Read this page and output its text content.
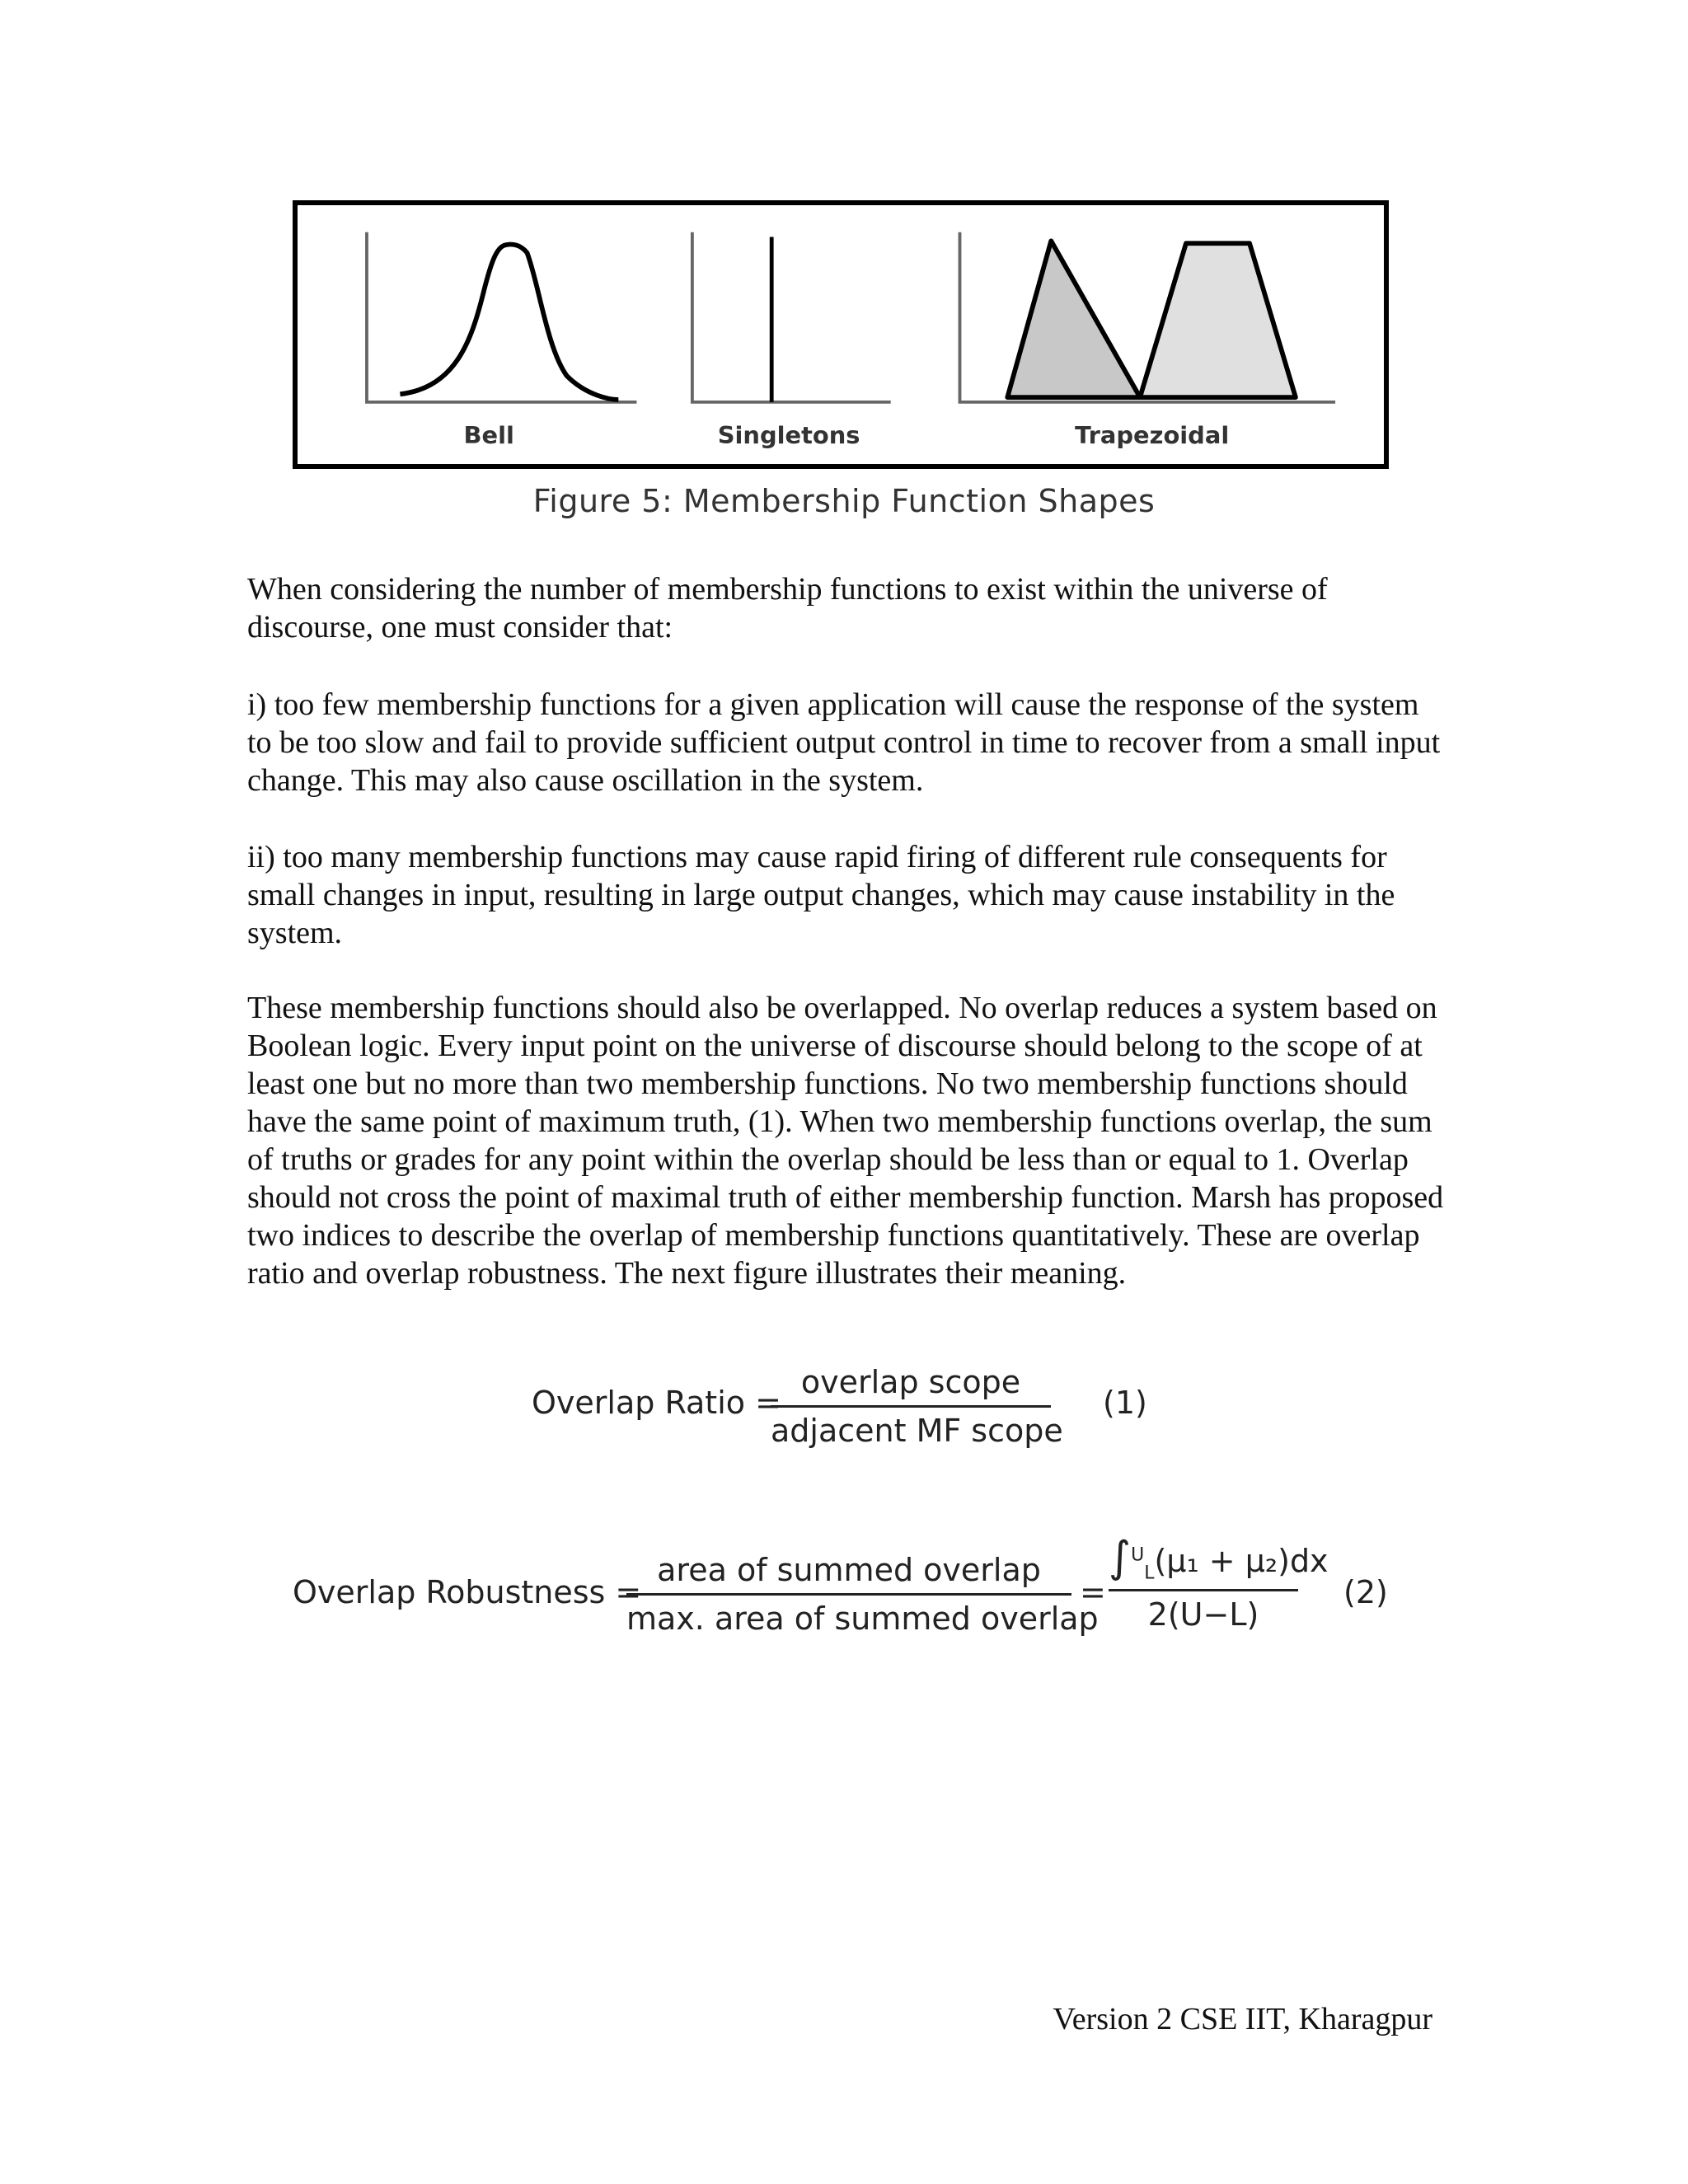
Bell	Singletons	Trapezoidal
Figure 5: Membership Function Shapes

When considering the number of membership functions to exist within the universe of discourse, one must consider that:

i) too few membership functions for a given application will cause the response of the system to be too slow and fail to provide sufficient output control in time to recover from a small input change. This may also cause oscillation in the system.

ii) too many membership functions may cause rapid firing of different rule consequents for small changes in input, resulting in large output changes, which may cause instability in the system.

These membership functions should also be overlapped. No overlap reduces a system based on Boolean logic. Every input point on the universe of discourse should belong to the scope of at least one but no more than two membership functions. No two membership functions should have the same point of maximum truth, (1). When two membership functions overlap, the sum of truths or grades for any point within the overlap should be less than or equal to 1. Overlap should not cross the point of maximal truth of either membership function. Marsh has proposed two indices to describe the overlap of membership functions quantitatively. These are overlap ratio and overlap robustness. The next figure illustrates their meaning.

Overlap Ratio =
overlap scope
adjacent MF scope
(1)
Overlap Robustness =
area of summed overlap
max. area of summed overlap
=
∫$^U_L$(μ₁ + μ₂)dx
2(U−L)
(2)
Version 2 CSE IIT, Kharagpur
